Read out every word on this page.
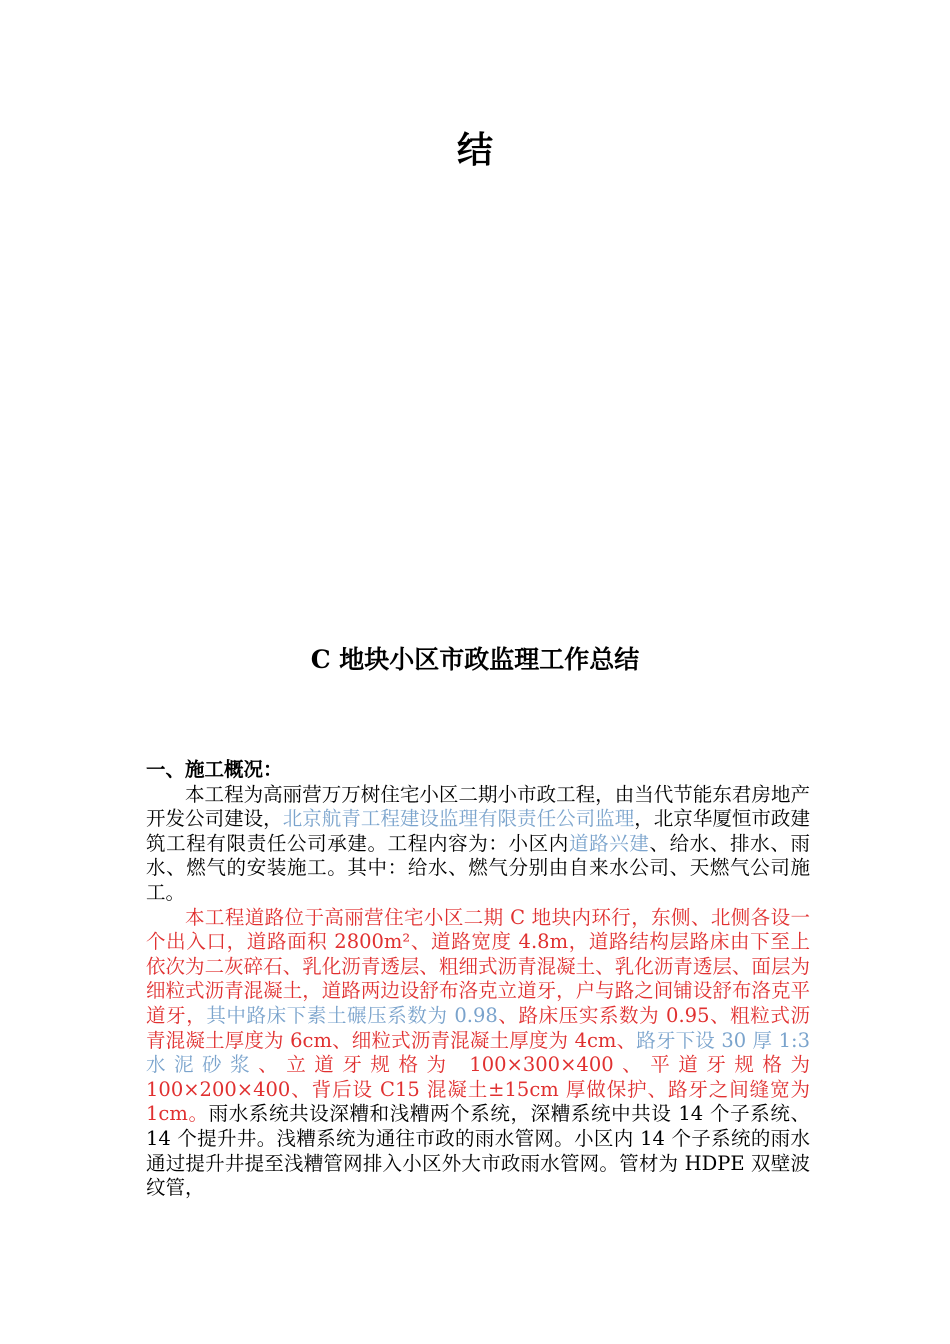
结
C 地块小区市政监理工作总结

一、施工概况：

本工程为高丽营万万树住宅小区二期小市政工程，由当代节能东君房地产开发公司建设，北京航青工程建设监理有限责任公司监理，北京华厦恒市政建筑工程有限责任公司承建。工程内容为：小区内道路兴建、给水、排水、雨水、燃气的安装施工。其中：给水、燃气分别由自来水公司、天燃气公司施工。

本工程道路位于高丽营住宅小区二期 C 地块内环行，东侧、北侧各设一个出入口，道路面积 2800m²、道路宽度 4.8m，道路结构层路床由下至上依次为二灰碎石、乳化沥青透层、粗细式沥青混凝土、乳化沥青透层、面层为细粒式沥青混凝土，道路两边设舒布洛克立道牙，户与路之间铺设舒布洛克平道牙，其中路床下素土碾压系数为 0.98、路床压实系数为 0.95、粗粒式沥青混凝土厚度为 6cm、细粒式沥青混凝土厚度为 4cm、路牙下设 30 厚 1:3 水泥砂浆、立道牙规格为 100×300×400、平道牙规格为 100×200×400、背后设 C15 混凝土±15cm 厚做保护、路牙之间缝宽为 1cm。雨水系统共设深糟和浅糟两个系统，深糟系统中共设 14 个子系统、14 个提升井。浅糟系统为通往市政的雨水管网。小区内 14 个子系统的雨水通过提升井提至浅糟管网排入小区外大市政雨水管网。管材为 HDPE 双壁波纹管，
